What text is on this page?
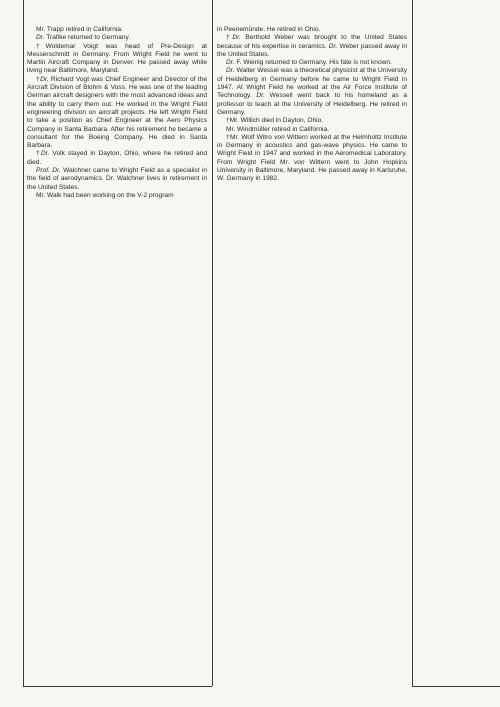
Mr. Trapp retired in California.

Dr. Trafike returned to Germany.

†Woldemar Voigt was head of Pre-Design at Messerschmitt in Germany. From Wright Field he went to Martin Aircraft Company in Denver. He passed away while living near Baltimore, Maryland.

†Dr. Richard Vogt was Chief Engineer and Director of the Aircraft Division of Blohm & Voss. He was one of the leading German aircraft designers with the most advanced ideas and the ability to carry them out. He worked in the Wright Field engineering division on aircraft projects. He left Wright Field to take a position as Chief Engineer at the Aero Physics Company in Santa Barbara. After his retirement he became a consultant for the Boeing Company. He died in Santa Barbara.

†Dr. Volk stayed in Dayton, Ohio, where he retired and died.

Prof. Dr. Walchner came to Wright Field as a specialist in the field of aerodynamics. Dr. Walchner lives in retirement in the United States.

Mr. Walk had been working on the V-2 program

in Peenemünde. He retired in Ohio.

†Dr. Berthold Weber was brought to the United States because of his expertise in ceramics. Dr. Weber passed away in the United States.

Dr. F. Weinig returned to Germany. His fate is not known.

Dr. Walter Wessel was a theoretical physicist at the University of Heidelberg in Germany before he came to Wright Field in 1947. At Wright Field he worked at the Air Force Institute of Technology. Dr. Wessell went back to his homeland as a professor to teach at the University of Heidelberg. He retired in Germany.

†Mr. Willich died in Dayton, Ohio.

Mr. Windmüller retired in California.

†Mr. Wolf Witro von Wittern worked at the Helmholtz Institute in Germany in acoustics and gas-wave physics. He came to Wright Field in 1947 and worked in the Aeromedical Laboratory. From Wright Field Mr. von Wittern went to John Hopkins University in Baltimore, Maryland. He passed away in Karlsruhe, W. Germany in 1982.
